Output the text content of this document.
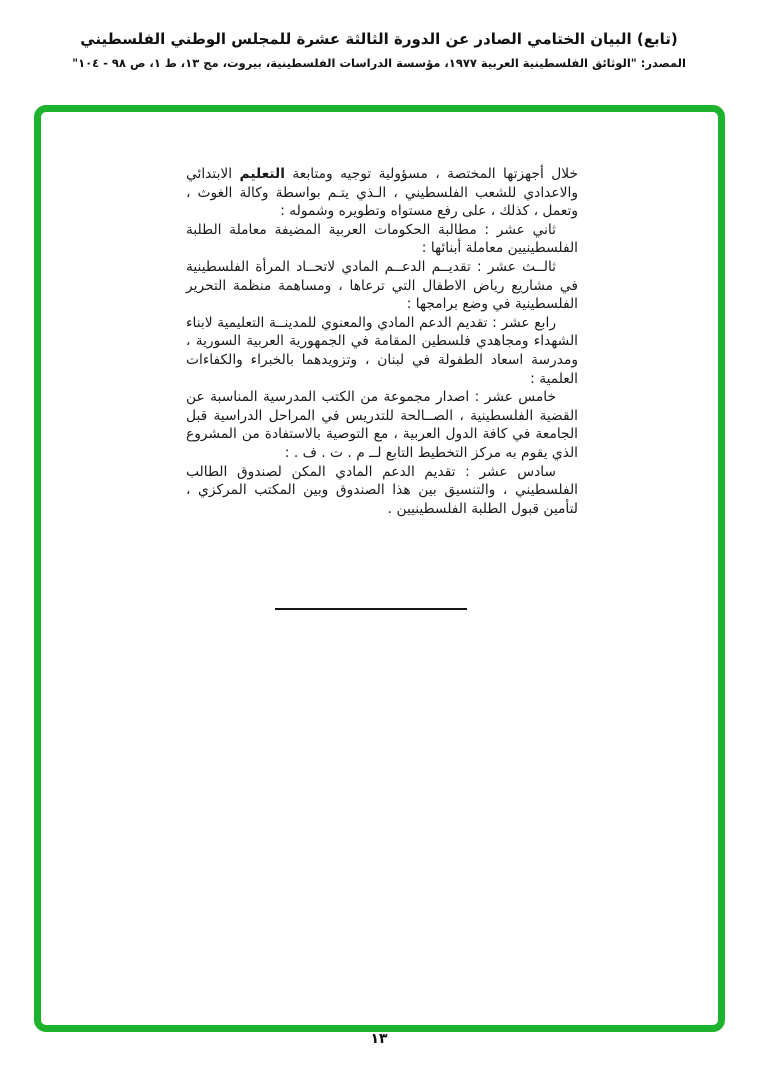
(تابع) البيان الختامي الصادر عن الدورة الثالثة عشرة للمجلس الوطني الفلسطيني
المصدر: "الوثائق الفلسطينية العربية ١٩٧٧، مؤسسة الدراسات الفلسطينية، بيروت، مج ١٣، ط ١، ص ٩٨ - ١٠٤"

خلال أجهزتها المختصة ، مسؤولية توجيه ومتابعة التعليم الابتدائي والاعدادي للشعب الفلسطيني ، الـذي يتـم بواسطة وكالة الغوث ، وتعمل ، كذلك ، على رفع مستواه وتطويره وشموله :

ثاني عشر : مطالبة الحكومات العربية المضيفة معاملة الطلبة الفلسطينيين معاملة أبنائها :

ثالــث عشر : تقديــم الدعــم المادي لاتحــاد المرأة الفلسطينية في مشاريع رياض الاطفال التي ترعاها ، ومساهمة منظمة التحرير الفلسطينية في وضع برامجها :

رابع عشر : تقديم الدعم المادي والمعنوي للمدينــة التعليمية لابناء الشهداء ومجاهدي فلسطين المقامة في الجمهورية العربية السورية ، ومدرسة اسعاد الطفولة في لبنان ، وتزويدهما بالخبراء والكفاءات العلمية :

خامس عشر : اصدار مجموعة من الكتب المدرسية المناسبة عن القضية الفلسطينية ، الصــالحة للتدريس في المراحل الدراسية قبل الجامعة في كافة الدول العربية ، مع التوصية بالاستفادة من المشروع الذي يقوم به مركز التخطيط التابع لــ م . ت . ف . :

سادس عشر : تقديم الدعم المادي المكن لصندوق الطالب الفلسطيني ، والتنسيق بين هذا الصندوق وبين المكتب المركزي ، لتأمين قبول الطلبة الفلسطينيين .

١٣
